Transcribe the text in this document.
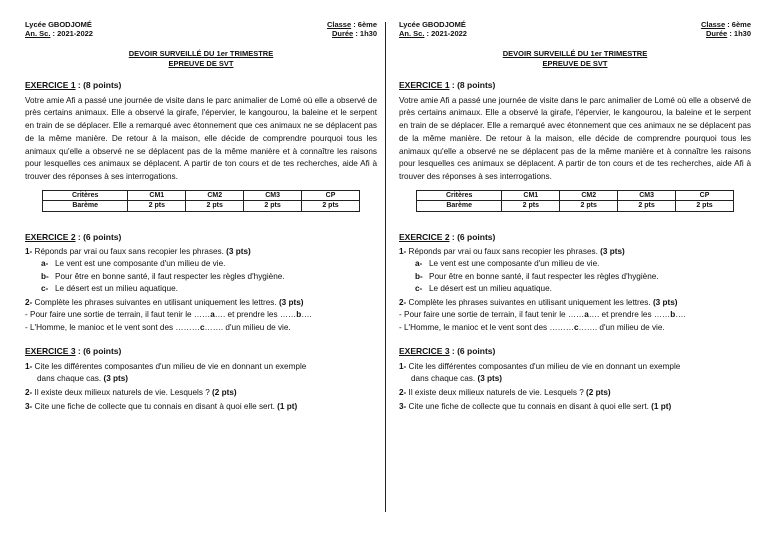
Lycée GBODJOMÉ	Classe : 6ème
An. Sc. : 2021-2022	Durée : 1h30
DEVOIR SURVEILLÉ DU 1er TRIMESTRE
EPREUVE DE SVT
EXERCICE 1 : (8 points)
Votre amie Afi a passé une journée de visite dans le parc animalier de Lomé où elle a observé de près certains animaux. Elle a observé la girafe, l'épervier, le kangourou, la baleine et le serpent en train de se déplacer. Elle a remarqué avec étonnement que ces animaux ne se déplacent pas de la même manière. De retour à la maison, elle décide de comprendre pourquoi tous les animaux qu'elle a observé ne se déplacent pas de la même manière et à connaître les raisons pour lesquelles ces animaux se déplacent. A partir de ton cours et de tes recherches, aide Afi à trouver des réponses à ses interrogations.
Critères	CM1	CM2	CM3	CP
Barème	2 pts	2 pts	2 pts	2 pts
EXERCICE 2 : (6 points)
1- Réponds par vrai ou faux sans recopier les phrases. (3 pts)
a- Le vent est une composante d'un milieu de vie.
b- Pour être en bonne santé, il faut respecter les règles d'hygiène.
c- Le désert est un milieu aquatique.
2- Complète les phrases suivantes en utilisant uniquement les lettres. (3 pts)
- Pour faire une sortie de terrain, il faut tenir le ……a…. et prendre les ……b….
- L'Homme, le manioc et le vent sont des ………c……. d'un milieu de vie.
EXERCICE 3 : (6 points)
1- Cite les différentes composantes d'un milieu de vie en donnant un exemple
dans chaque cas. (3 pts)
2- Il existe deux milieux naturels de vie. Lesquels ? (2 pts)
3- Cite une fiche de collecte que tu connais en disant à quoi elle sert. (1 pt)
Lycée GBODJOMÉ	Classe : 6ème
An. Sc. : 2021-2022	Durée : 1h30
DEVOIR SURVEILLÉ DU 1er TRIMESTRE
EPREUVE DE SVT
EXERCICE 1 : (8 points)
Votre amie Afi a passé une journée de visite dans le parc animalier de Lomé où elle a observé de près certains animaux. Elle a observé la girafe, l'épervier, le kangourou, la baleine et le serpent en train de se déplacer. Elle a remarqué avec étonnement que ces animaux ne se déplacent pas de la même manière. De retour à la maison, elle décide de comprendre pourquoi tous les animaux qu'elle a observé ne se déplacent pas de la même manière et à connaître les raisons pour lesquelles ces animaux se déplacent. A partir de ton cours et de tes recherches, aide Afi à trouver des réponses à ses interrogations.
Critères	CM1	CM2	CM3	CP
Barème	2 pts	2 pts	2 pts	2 pts
EXERCICE 2 : (6 points)
1- Réponds par vrai ou faux sans recopier les phrases. (3 pts)
a- Le vent est une composante d'un milieu de vie.
b- Pour être en bonne santé, il faut respecter les règles d'hygiène.
c- Le désert est un milieu aquatique.
2- Complète les phrases suivantes en utilisant uniquement les lettres. (3 pts)
- Pour faire une sortie de terrain, il faut tenir le ……a…. et prendre les ……b….
- L'Homme, le manioc et le vent sont des ………c……. d'un milieu de vie.
EXERCICE 3 : (6 points)
1- Cite les différentes composantes d'un milieu de vie en donnant un exemple
dans chaque cas. (3 pts)
2- Il existe deux milieux naturels de vie. Lesquels ? (2 pts)
3- Cite une fiche de collecte que tu connais en disant à quoi elle sert. (1 pt)
